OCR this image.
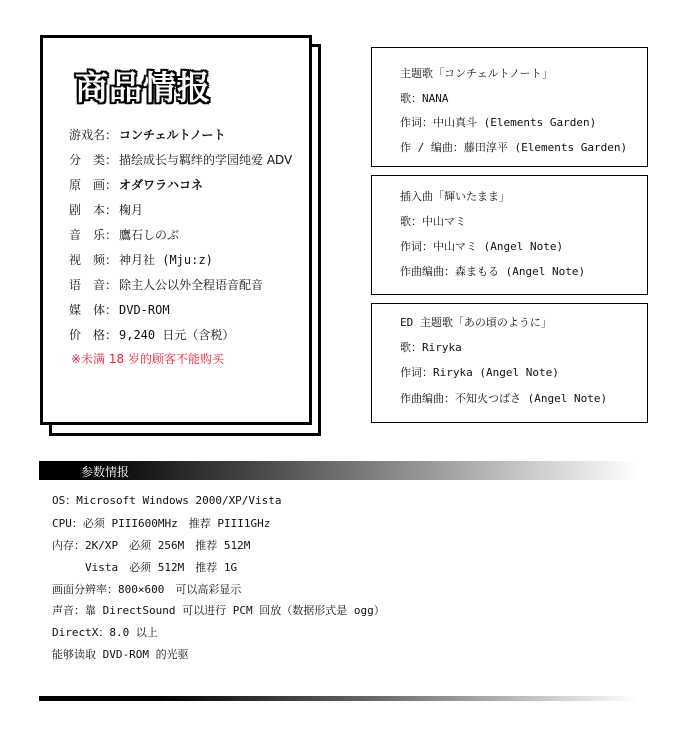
商品情报
游戏名： コンチェルトノート
分　类： 描绘成长与羁绊的学园纯爱 ADV
原　画： オダワラハコネ
剧　本： 椈月
音　乐： 鷹石しのぶ
视　频： 神月社 (Mju:z)
语　音： 除主人公以外全程语音配音
媒　体： DVD-ROM
价　格： 9,240 日元（含税）
※未满 18 岁的顾客不能购买
主题歌「コンチェルトノート」
歌：NANA
作词：中山真斗 (Elements Garden)
作 / 编曲：藤田淳平 (Elements Garden)
插入曲「輝いたまま」
歌：中山マミ
作词：中山マミ (Angel Note)
作曲编曲：森まもる (Angel Note)
ED 主题歌「あの頃のように」
歌：Riryka
作词：Riryka (Angel Note)
作曲编曲：不知火つばさ (Angel Note)
参数情报
OS：Microsoft Windows 2000/XP/Vista
CPU：必须 PIII600MHz　推荐 PIII1GHz
内存：2K/XP　必须 256M　推荐 512M
　　　Vista　必须 512M　推荐 1G
画面分辨率：800×600　可以高彩显示
声音：靠 DirectSound 可以进行 PCM 回放（数据形式是 ogg）
DirectX：8.0 以上
能够读取 DVD-ROM 的光驱
